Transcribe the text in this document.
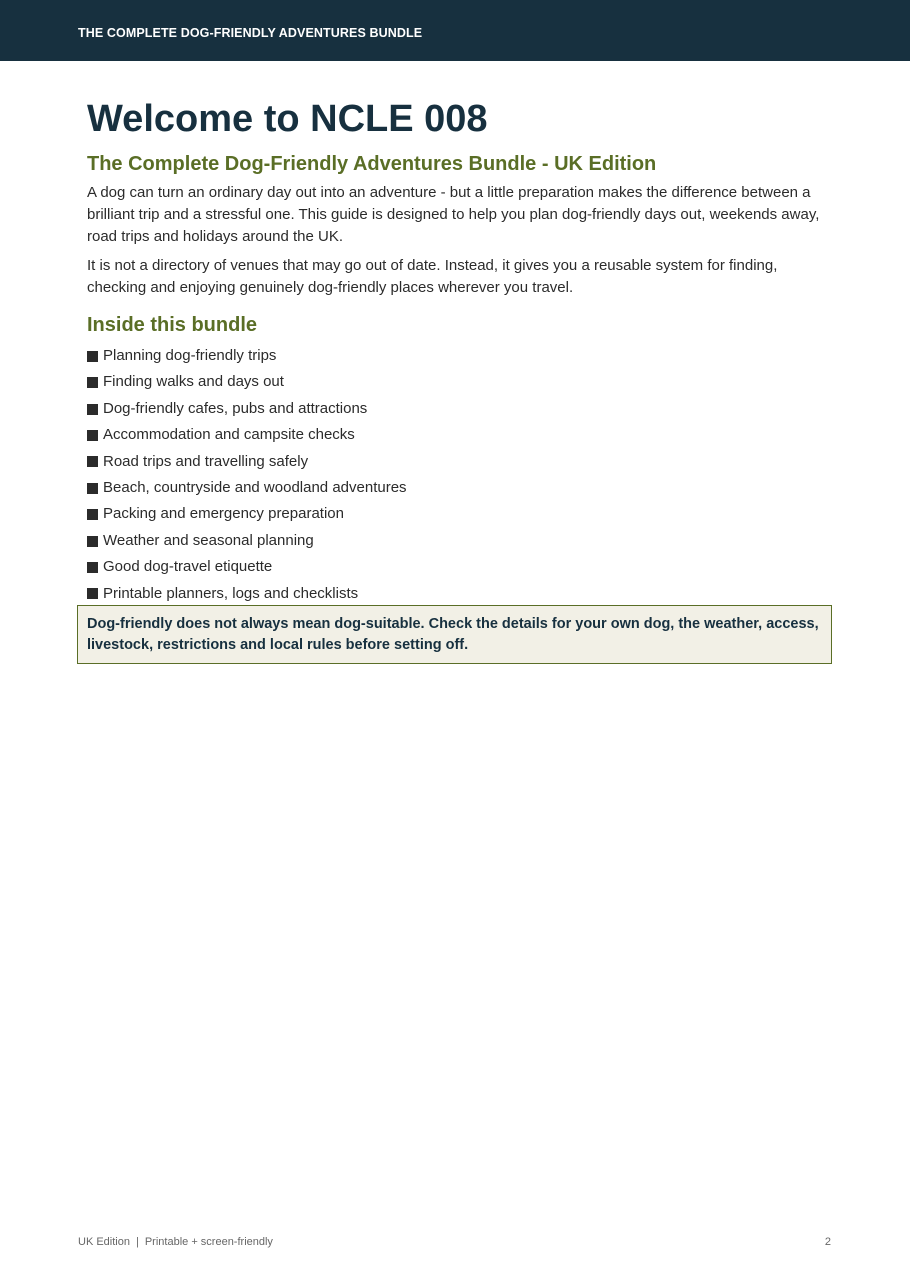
THE COMPLETE DOG-FRIENDLY ADVENTURES BUNDLE
Welcome to NCLE 008
The Complete Dog-Friendly Adventures Bundle - UK Edition

A dog can turn an ordinary day out into an adventure - but a little preparation makes the difference between a brilliant trip and a stressful one. This guide is designed to help you plan dog-friendly days out, weekends away, road trips and holidays around the UK.

It is not a directory of venues that may go out of date. Instead, it gives you a reusable system for finding, checking and enjoying genuinely dog-friendly places wherever you travel.

Inside this bundle
Planning dog-friendly trips
Finding walks and days out
Dog-friendly cafes, pubs and attractions
Accommodation and campsite checks
Road trips and travelling safely
Beach, countryside and woodland adventures
Packing and emergency preparation
Weather and seasonal planning
Good dog-travel etiquette
Printable planners, logs and checklists
Dog-friendly does not always mean dog-suitable. Check the details for your own dog, the weather, access, livestock, restrictions and local rules before setting off.
UK Edition | Printable + screen-friendly	2
